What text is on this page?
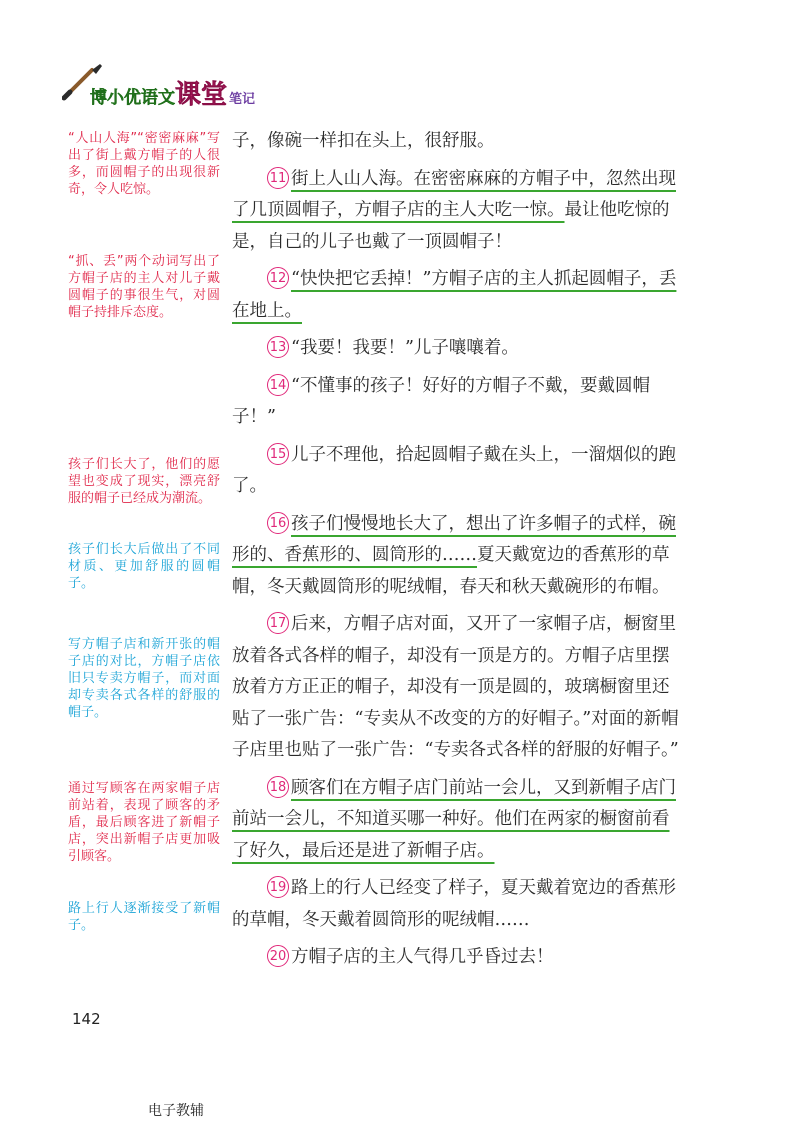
博小优语文课堂 笔记
“人山人海”“密密麻麻”写出了街上戴方帽子的人很多，而圆帽子的出现很新奇，令人吃惊。
“抓、丢”两个动词写出了方帽子店的主人对儿子戴圆帽子的事很生气，对圆帽子持排斥态度。
孩子们长大了，他们的愿望也变成了现实，漂亮舒服的帽子已经成为潮流。
孩子们长大后做出了不同材质、更加舒服的圆帽子。
写方帽子店和新开张的帽子店的对比，方帽子店依旧只专卖方帽子，而对面却专卖各式各样的舒服的帽子。
通过写顾客在两家帽子店前站着，表现了顾客的矛盾，最后顾客进了新帽子店，突出新帽子店更加吸引顾客。
路上行人逐渐接受了新帽子。
子，像碗一样扣在头上，很舒服。
11 街上人山人海。在密密麻麻的方帽子中，忽然出现了几顶圆帽子，方帽子店的主人大吃一惊。最让他吃惊的是，自己的儿子也戴了一顶圆帽子！
12 “快快把它丢掉！”方帽子店的主人抓起圆帽子，丢在地上。
13 “我要！我要！”儿子嚷嚷着。
14 “不懂事的孩子！好好的方帽子不戴，要戴圆帽子！”
15 儿子不理他，拾起圆帽子戴在头上，一溜烟似的跑了。
16 孩子们慢慢地长大了，想出了许多帽子的式样，碗形的、香蕉形的、圆筒形的……夏天戴宽边的香蕉形的草帽，冬天戴圆筒形的呢绒帽，春天和秋天戴碗形的布帽。
17 后来，方帽子店对面，又开了一家帽子店，橱窗里放着各式各样的帽子，却没有一顶是方的。方帽子店里摆放着方方正正的帽子，却没有一顶是圆的，玻璃橱窗里还贴了一张广告：“专卖从不改变的方的好帽子。”对面的新帽子店里也贴了一张广告：“专卖各式各样的舒服的好帽子。”
18 顾客们在方帽子店门前站一会儿，又到新帽子店门前站一会儿，不知道买哪一种好。他们在两家的橱窗前看了好久，最后还是进了新帽子店。
19 路上的行人已经变了样子，夏天戴着宽边的香蕉形的草帽，冬天戴着圆筒形的呢绒帽……
20 方帽子店的主人气得几乎昏过去！
142
电子教辅
